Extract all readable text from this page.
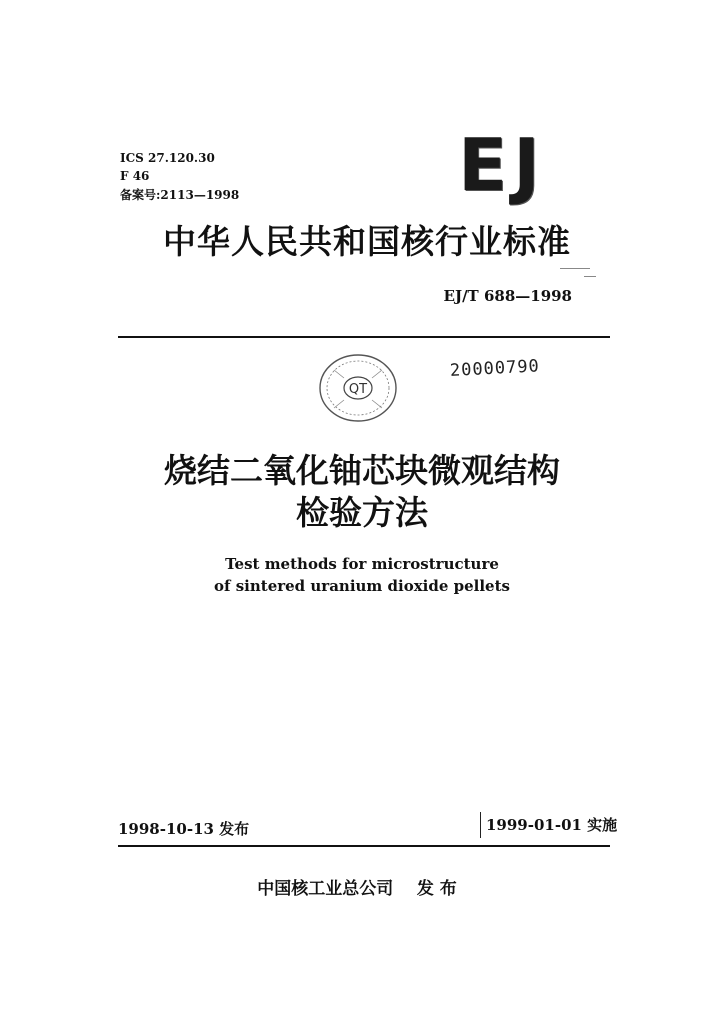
ICS 27.120.30
F 46
备案号:2113—1998	EJ
中华人民共和国核行业标准
EJ/T 688—1998
QT
20000790
烧结二氧化铀芯块微观结构
检验方法
Test methods for microstructure
of sintered uranium dioxide pellets
1998-10-13 发布	1999-01-01 实施
中国核工业总公司    发 布
